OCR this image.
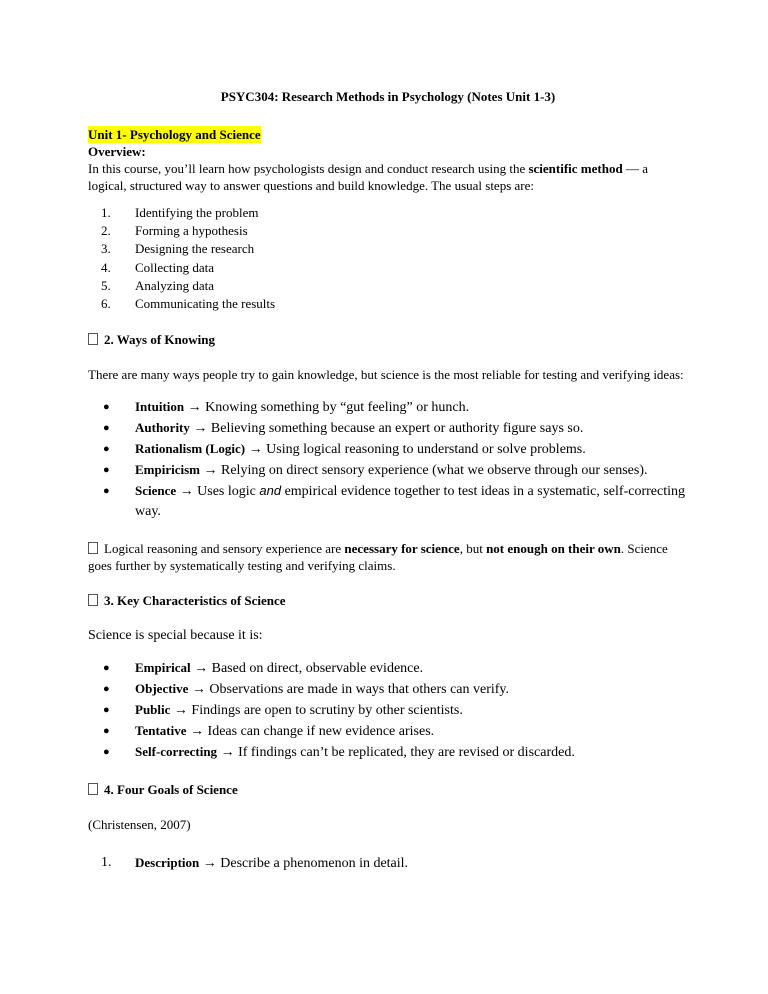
PSYC304: Research Methods in Psychology (Notes Unit 1-3)

Unit 1- Psychology and Science

Overview:

In this course, you’ll learn how psychologists design and conduct research using the scientific method — a logical, structured way to answer questions and build knowledge. The usual steps are:

1. Identifying the problem
2. Forming a hypothesis
3. Designing the research
4. Collecting data
5. Analyzing data
6. Communicating the results

2. Ways of Knowing

There are many ways people try to gain knowledge, but science is the most reliable for testing and verifying ideas:

● Intuition → Knowing something by “gut feeling” or hunch.
● Authority → Believing something because an expert or authority figure says so.
● Rationalism (Logic) → Using logical reasoning to understand or solve problems.
● Empiricism → Relying on direct sensory experience (what we observe through our senses).
● Science → Uses logic and empirical evidence together to test ideas in a systematic, self-correcting way.

Logical reasoning and sensory experience are necessary for science, but not enough on their own. Science goes further by systematically testing and verifying claims.

3. Key Characteristics of Science

Science is special because it is:

● Empirical → Based on direct, observable evidence.
● Objective → Observations are made in ways that others can verify.
● Public → Findings are open to scrutiny by other scientists.
● Tentative → Ideas can change if new evidence arises.
● Self-correcting → If findings can’t be replicated, they are revised or discarded.

4. Four Goals of Science

(Christensen, 2007)

1. Description → Describe a phenomenon in detail.
